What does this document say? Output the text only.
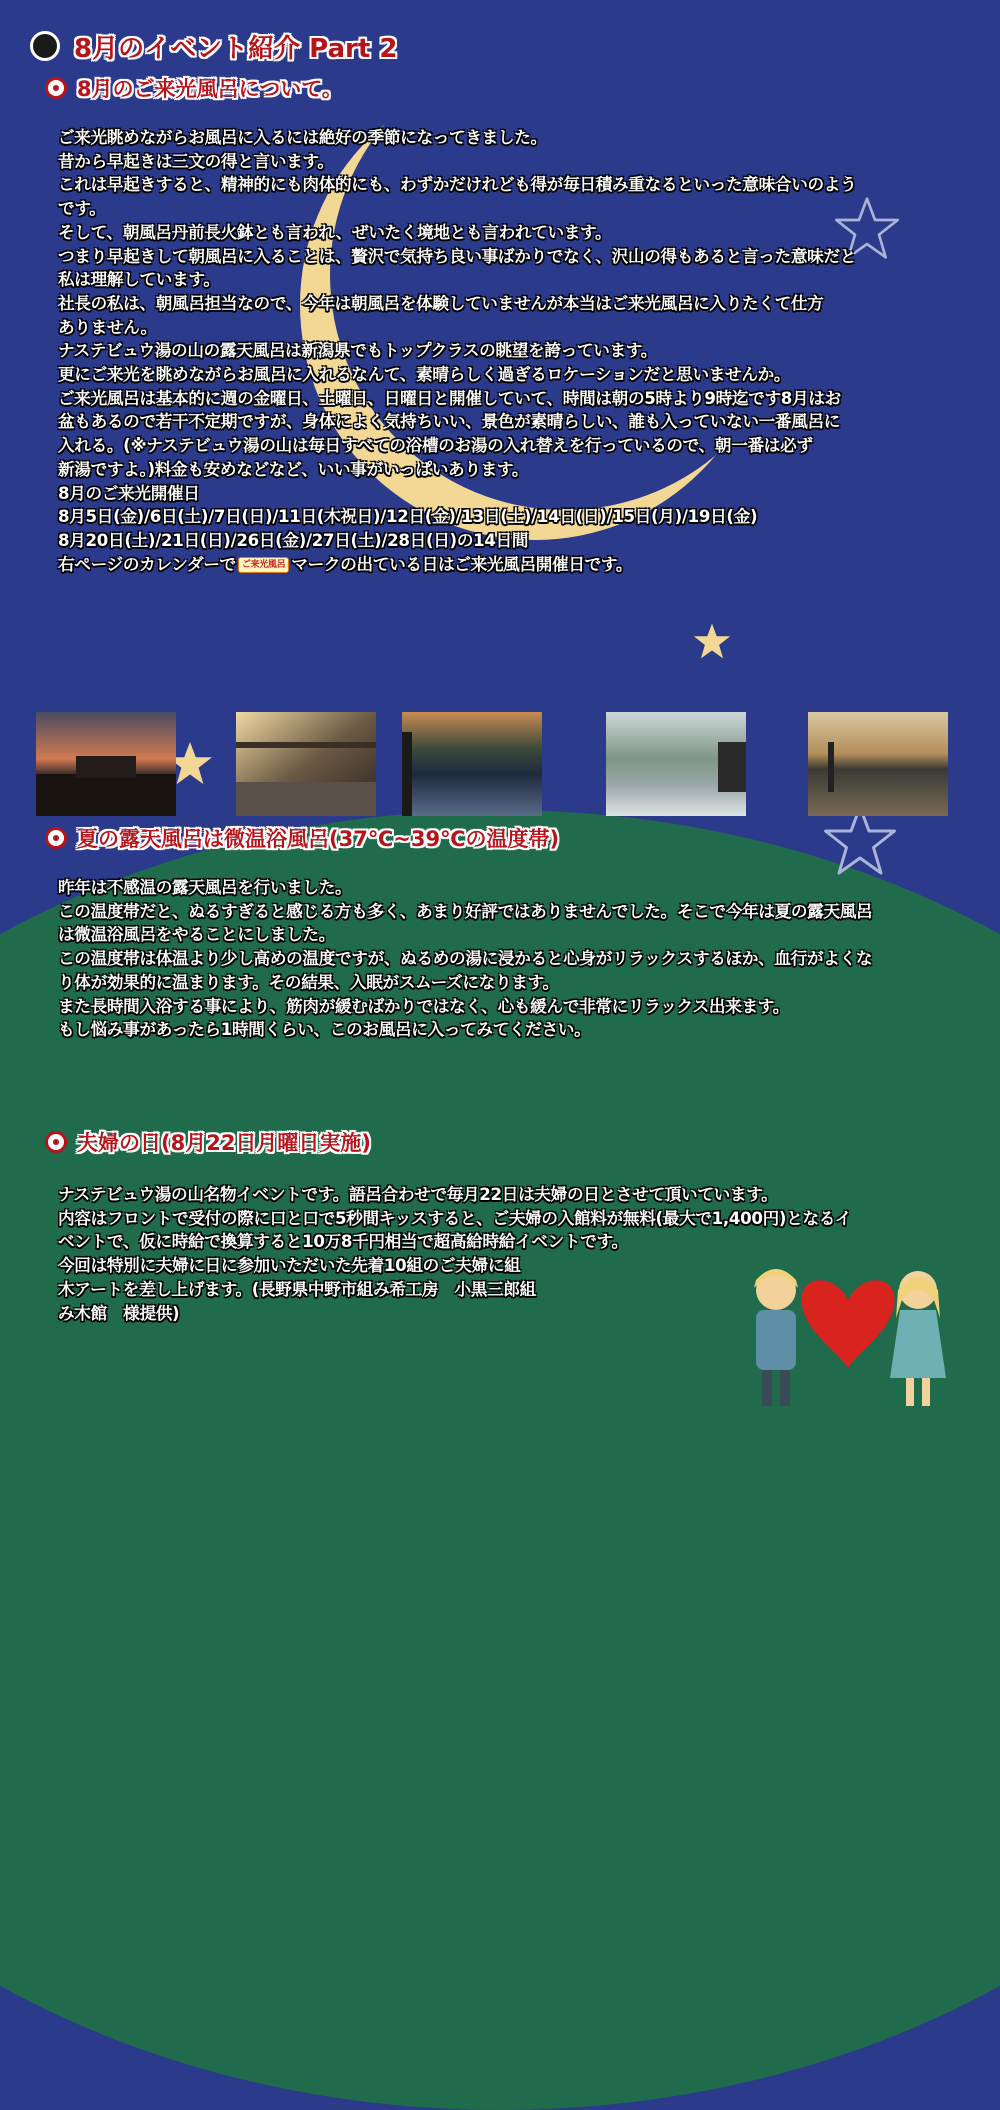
8月のイベント紹介 Part 2
8月のご来光風呂について。
ご来光眺めながらお風呂に入るには絶好の季節になってきました。
昔から早起きは三文の得と言います。
これは早起きすると、精神的にも肉体的にも、わずかだけれども得が毎日積み重なるといった意味合いのよう
です。
そして、朝風呂丹前長火鉢とも言われ、ぜいたく境地とも言われています。
つまり早起きして朝風呂に入ることは、贅沢で気持ち良い事ばかりでなく、沢山の得もあると言った意味だと
私は理解しています。
社長の私は、朝風呂担当なので、今年は朝風呂を体験していませんが本当はご来光風呂に入りたくて仕方
ありません。
ナステビュウ湯の山の露天風呂は新潟県でもトップクラスの眺望を誇っています。
更にご来光を眺めながらお風呂に入れるなんて、素晴らしく過ぎるロケーションだと思いませんか。
ご来光風呂は基本的に週の金曜日、土曜日、日曜日と開催していて、時間は朝の5時より9時迄です8月はお
盆もあるので若干不定期ですが、身体によく気持ちいい、景色が素晴らしい、誰も入っていない一番風呂に
入れる。(※ナステビュウ湯の山は毎日すべての浴槽のお湯の入れ替えを行っているので、朝一番は必ず
新湯ですよ。)料金も安めなどなど、いい事がいっぱいあります。
8月のご来光開催日
8月5日(金)/6日(土)/7日(日)/11日(木祝日)/12日(金)/13日(土)/14日(日)/15日(月)/19日(金)
8月20日(土)/21日(日)/26日(金)/27日(土)/28日(日)の14日間
右ページのカレンダーで ご来光風呂 マークの出ている日はご来光風呂開催日です。
夏の露天風呂は微温浴風呂(37℃~39℃の温度帯)
昨年は不感温の露天風呂を行いました。
この温度帯だと、ぬるすぎると感じる方も多く、あまり好評ではありませんでした。そこで今年は夏の露天風呂
は微温浴風呂をやることにしました。
この温度帯は体温より少し高めの温度ですが、ぬるめの湯に浸かると心身がリラックスするほか、血行がよくな
り体が効果的に温まります。その結果、入眠がスムーズになります。
また長時間入浴する事により、筋肉が緩むばかりではなく、心も緩んで非常にリラックス出来ます。
もし悩み事があったら1時間くらい、このお風呂に入ってみてください。
夫婦の日(8月22日月曜日実施)
ナステビュウ湯の山名物イベントです。語呂合わせで毎月22日は夫婦の日とさせて頂いています。
内容はフロントで受付の際に口と口で5秒間キッスすると、ご夫婦の入館料が無料(最大で1,400円)となるイ
ベントで、仮に時給で換算すると10万8千円相当で超高給時給イベントです。
今回は特別に夫婦に日に参加いただいた先着10組のご夫婦に組
木アートを差し上げます。(長野県中野市組み希工房　小黒三郎組
み木館　様提供)
